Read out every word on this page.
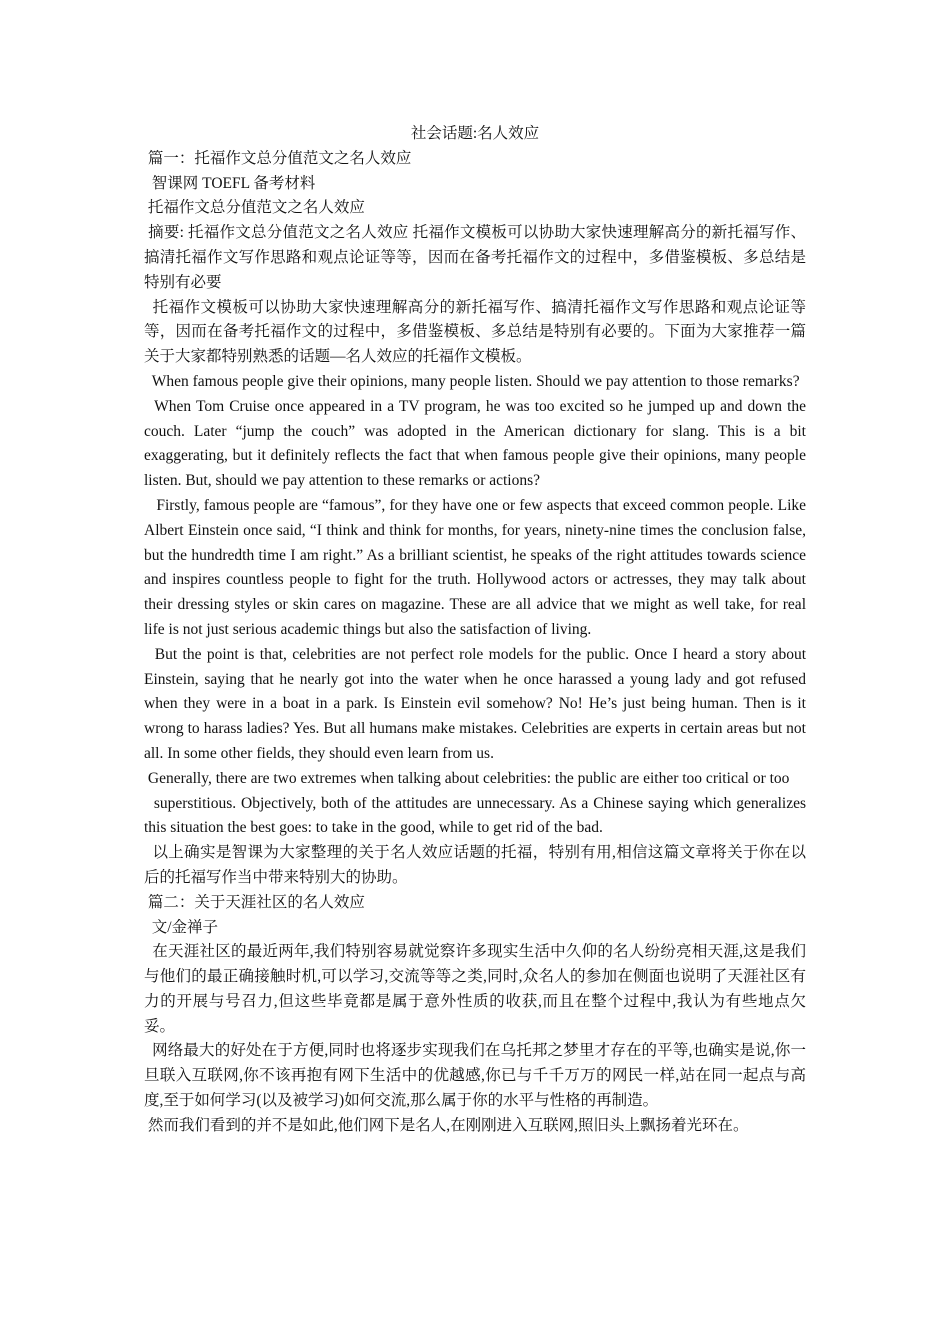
社会话题:名人效应

篇一：托福作文总分值范文之名人效应

智课网 TOEFL 备考材料

托福作文总分值范文之名人效应

摘要: 托福作文总分值范文之名人效应 托福作文模板可以协助大家快速理解高分的新托福写作、搞清托福作文写作思路和观点论证等等，因而在备考托福作文的过程中，多借鉴模板、多总结是特别有必要

托福作文模板可以协助大家快速理解高分的新托福写作、搞清托福作文写作思路和观点论证等等，因而在备考托福作文的过程中，多借鉴模板、多总结是特别有必要的。下面为大家推荐一篇关于大家都特别熟悉的话题—名人效应的托福作文模板。

When famous people give their opinions, many people listen. Should we pay attention to those remarks?

When Tom Cruise once appeared in a TV program, he was too excited so he jumped up and down the couch. Later “jump the couch” was adopted in the American dictionary for slang. This is a bit exaggerating, but it definitely reflects the fact that when famous people give their opinions, many people listen. But, should we pay attention to these remarks or actions?

Firstly, famous people are “famous”, for they have one or few aspects that exceed common people. Like Albert Einstein once said, “I think and think for months, for years, ninety-nine times the conclusion false, but the hundredth time I am right.” As a brilliant scientist, he speaks of the right attitudes towards science and inspires countless people to fight for the truth. Hollywood actors or actresses, they may talk about their dressing styles or skin cares on magazine. These are all advice that we might as well take, for real life is not just serious academic things but also the satisfaction of living.

But the point is that, celebrities are not perfect role models for the public. Once I heard a story about Einstein, saying that he nearly got into the water when he once harassed a young lady and got refused when they were in a boat in a park. Is Einstein evil somehow? No! He’s just being human. Then is it wrong to harass ladies? Yes. But all humans make mistakes. Celebrities are experts in certain areas but not all. In some other fields, they should even learn from us.

Generally, there are two extremes when talking about celebrities: the public are either too critical or too

superstitious. Objectively, both of the attitudes are unnecessary. As a Chinese saying which generalizes this situation the best goes: to take in the good, while to get rid of the bad.

以上确实是智课为大家整理的关于名人效应话题的托福，特别有用,相信这篇文章将关于你在以后的托福写作当中带来特别大的协助。

篇二：关于天涯社区的名人效应

文/金禅子

在天涯社区的最近两年,我们特别容易就觉察许多现实生活中久仰的名人纷纷亮相天涯,这是我们与他们的最正确接触时机,可以学习,交流等等之类,同时,众名人的参加在侧面也说明了天涯社区有力的开展与号召力,但这些毕竟都是属于意外性质的收获,而且在整个过程中,我认为有些地点欠妥。

网络最大的好处在于方便,同时也将逐步实现我们在乌托邦之梦里才存在的平等,也确实是说,你一旦联入互联网,你不该再抱有网下生活中的优越感,你已与千千万万的网民一样,站在同一起点与高度,至于如何学习(以及被学习)如何交流,那么属于你的水平与性格的再制造。

然而我们看到的并不是如此,他们网下是名人,在刚刚进入互联网,照旧头上飘扬着光环在。
